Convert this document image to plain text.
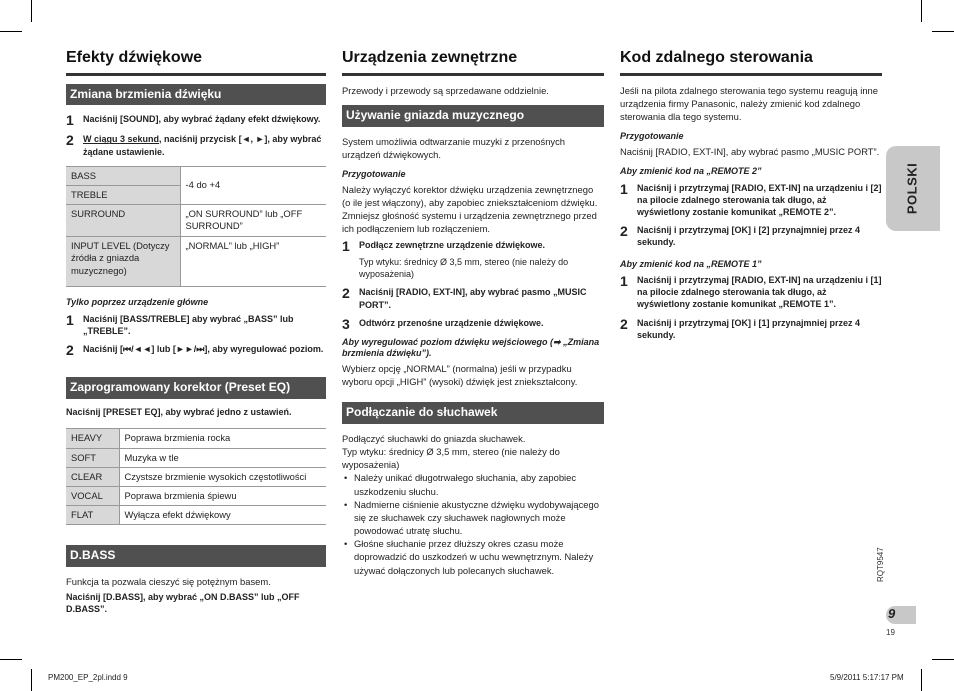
Efekty dźwiękowe
Zmiana brzmienia dźwięku
1	Naciśnij [SOUND], aby wybrać żądany efekt dźwiękowy.
2	W ciągu 3 sekund, naciśnij przycisk [◄, ►], aby wybrać żądane ustawienie.
BASS	-4 do +4
TREBLE	
SURROUND	„ON SURROUND” lub „OFF SURROUND”
INPUT LEVEL (Dotyczy źródła z gniazda muzycznego)	„NORMAL” lub „HIGH”
Tylko poprzez urządzenie główne
1	Naciśnij [BASS/TREBLE] aby wybrać „BASS” lub „TREBLE”.
2	Naciśnij [⏮/◄◄] lub [►►/⏭], aby wyregulować poziom.
Zaprogramowany korektor (Preset EQ)
Naciśnij [PRESET EQ], aby wybrać jedno z ustawień.
HEAVY	Poprawa brzmienia rocka
SOFT	Muzyka w tle
CLEAR	Czystsze brzmienie wysokich częstotliwości
VOCAL	Poprawa brzmienia śpiewu
FLAT	Wyłącza efekt dźwiękowy
D.BASS
Funkcja ta pozwala cieszyć się potężnym basem.
Naciśnij [D.BASS], aby wybrać „ON D.BASS” lub „OFF D.BASS”.
Urządzenia zewnętrzne
Przewody i przewody są sprzedawane oddzielnie.
Używanie gniazda muzycznego
System umożliwia odtwarzanie muzyki z przenośnych urządzeń dźwiękowych.
Przygotowanie
Należy wyłączyć korektor dźwięku urządzenia zewnętrznego (o ile jest włączony), aby zapobiec zniekształceniom dźwięku. Zmniejsz głośność systemu i urządzenia zewnętrznego przed ich podłączeniem lub rozłączeniem.
1	Podłącz zewnętrzne urządzenie dźwiękowe.
Typ wtyku: średnicy Ø 3,5 mm, stereo (nie należy do wyposażenia)
2	Naciśnij [RADIO, EXT-IN], aby wybrać pasmo „MUSIC PORT”.
3	Odtwórz przenośne urządzenie dźwiękowe.
Aby wyregulować poziom dźwięku wejściowego (➡ „Zmiana brzmienia dźwięku”).
Wybierz opcję „NORMAL” (normalna) jeśli w przypadku wyboru opcji „HIGH” (wysoki) dźwięk jest zniekształcony.
Podłączanie do słuchawek
Podłączyć słuchawki do gniazda słuchawek.
Typ wtyku: średnicy Ø 3,5 mm, stereo (nie należy do wyposażenia)
• Należy unikać długotrwałego słuchania, aby zapobiec uszkodzeniu słuchu.
• Nadmierne ciśnienie akustyczne dźwięku wydobywającego się ze słuchawek czy słuchawek nagłownych może powodować utratę słuchu.
• Głośne słuchanie przez dłuższy okres czasu może doprowadzić do uszkodzeń w uchu wewnętrznym. Należy używać dołączonych lub polecanych słuchawek.
Kod zdalnego sterowania
Jeśli na pilota zdalnego sterowania tego systemu reagują inne urządzenia firmy Panasonic, należy zmienić kod zdalnego sterowania dla tego systemu.
Przygotowanie
Naciśnij [RADIO, EXT-IN], aby wybrać pasmo „MUSIC PORT”.
Aby zmienić kod na „REMOTE 2”
1	Naciśnij i przytrzymaj [RADIO, EXT-IN] na urządzeniu i [2] na pilocie zdalnego sterowania tak długo, aż wyświetlony zostanie komunikat „REMOTE 2”.
2	Naciśnij i przytrzymaj [OK] i [2] przynajmniej przez 4 sekundy.
Aby zmienić kod na „REMOTE 1”
1	Naciśnij i przytrzymaj [RADIO, EXT-IN] na urządzeniu i [1] na pilocie zdalnego sterowania tak długo, aż wyświetlony zostanie komunikat „REMOTE 1”.
2	Naciśnij i przytrzymaj [OK] i [1] przynajmniej przez 4 sekundy.
POLSKI
RQT9547
9
19
PM200_EP_2pl.indd 9	5/9/2011 5:17:17 PM
